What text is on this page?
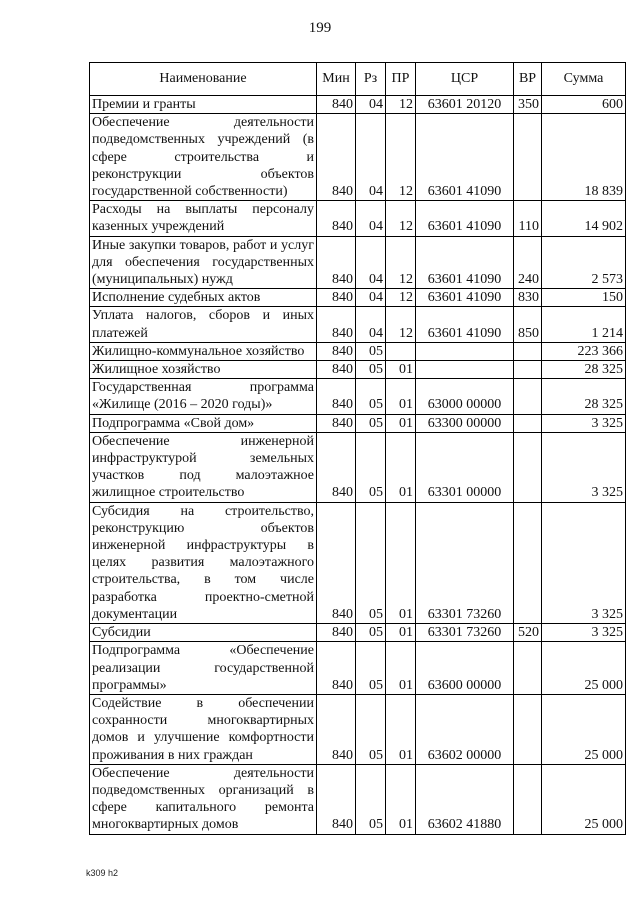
199
Наименование	Мин	Рз	ПР	ЦСР	ВР	Сумма
Премии и гранты	840	04	12	63601 20120	350	600
Обеспечение деятельности подведомственных учреждений (в сфере строительства и реконструкции объектов государственной собственности)	840	04	12	63601 41090		18 839
Расходы на выплаты персоналу казенных учреждений	840	04	12	63601 41090	110	14 902
Иные закупки товаров, работ и услуг для обеспечения государственных (муниципальных) нужд	840	04	12	63601 41090	240	2 573
Исполнение судебных актов	840	04	12	63601 41090	830	150
Уплата налогов, сборов и иных платежей	840	04	12	63601 41090	850	1 214
Жилищно-коммунальное хозяйство	840	05				223 366
Жилищное хозяйство	840	05	01			28 325
Государственная программа «Жилище (2016 – 2020 годы)»	840	05	01	63000 00000		28 325
Подпрограмма «Свой дом»	840	05	01	63300 00000		3 325
Обеспечение инженерной инфраструктурой земельных участков под малоэтажное жилищное строительство	840	05	01	63301 00000		3 325
Субсидия на строительство, реконструкцию объектов инженерной инфраструктуры в целях развития малоэтажного строительства, в том числе разработка проектно-сметной документации	840	05	01	63301 73260		3 325
Субсидии	840	05	01	63301 73260	520	3 325
Подпрограмма «Обеспечение реализации государственной программы»	840	05	01	63600 00000		25 000
Содействие в обеспечении сохранности многоквартирных домов и улучшение комфортности проживания в них граждан	840	05	01	63602 00000		25 000
Обеспечение деятельности подведомственных организаций в сфере капитального ремонта многоквартирных домов	840	05	01	63602 41880		25 000
k309 h2
